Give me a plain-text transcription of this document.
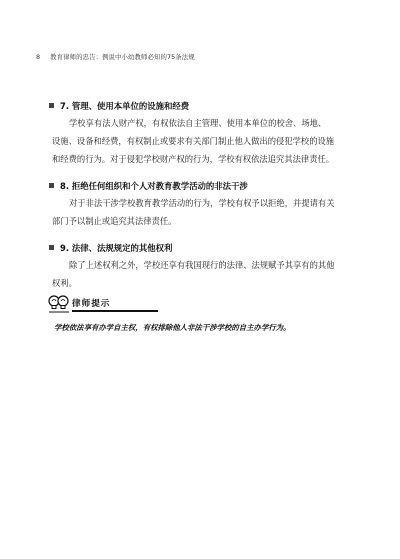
8 教育律师的忠告：例说中小幼教师必知的75条法规
7. 管理、使用本单位的设施和经费
学校享有法人财产权，有权依法自主管理、使用本单位的校舍、场地、
设施、设备和经费，有权制止或要求有关部门制止他人做出的侵犯学校的设施
和经费的行为。对于侵犯学校财产权的行为，学校有权依法追究其法律责任。
8. 拒绝任何组织和个人对教育教学活动的非法干涉
对于非法干涉学校教育教学活动的行为，学校有权予以拒绝，并提请有关
部门予以制止或追究其法律责任。
9. 法律、法规规定的其他权利
除了上述权利之外，学校还享有我国现行的法律、法规赋予其享有的其他
权利。
律师提示
学校依法享有办学自主权，有权排除他人非法干涉学校的自主办学行为。
